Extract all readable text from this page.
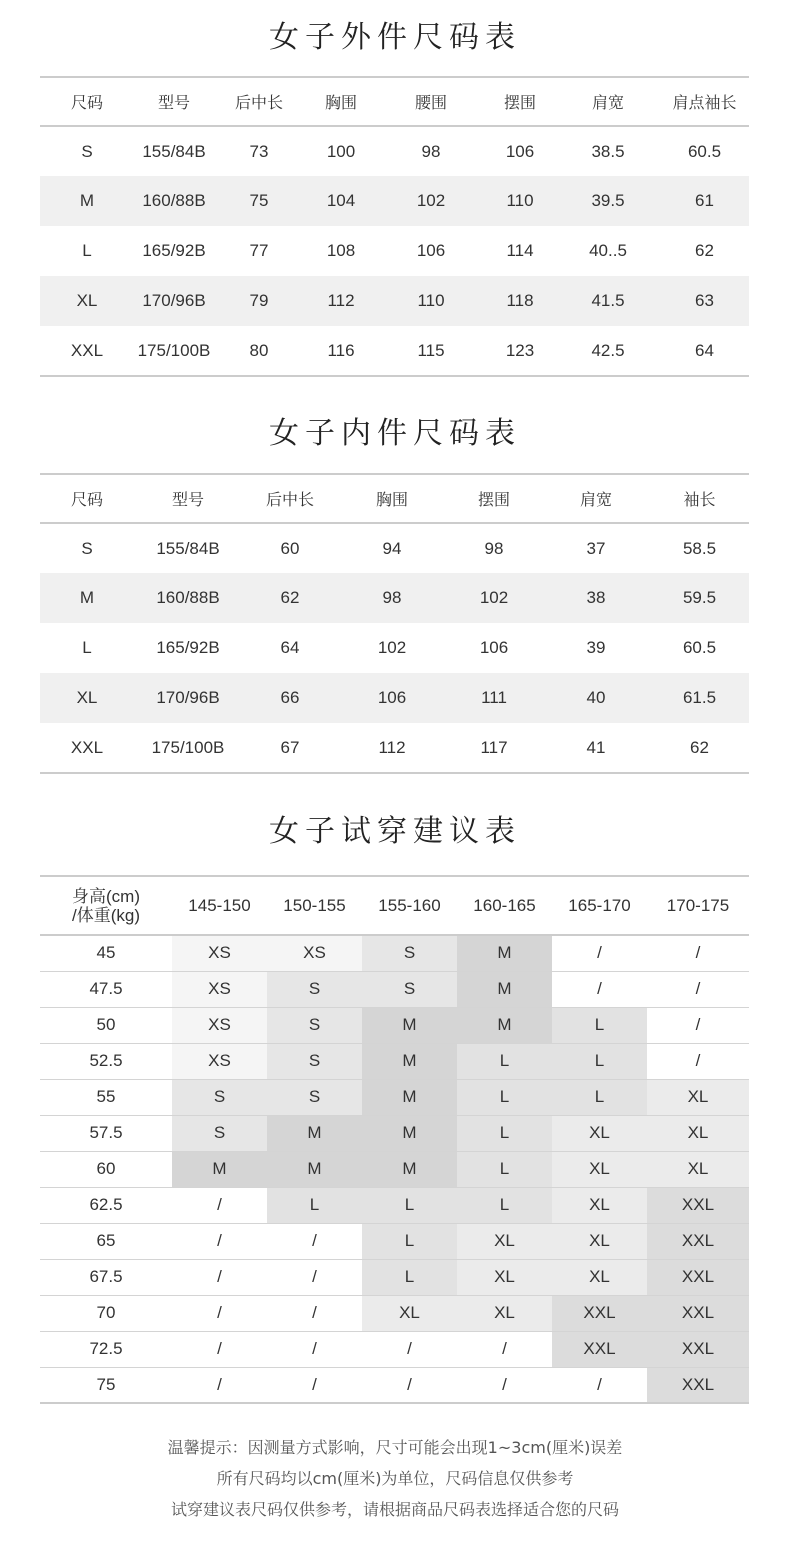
女子外件尺码表
尺码	型号	后中长	胸围	腰围	摆围	肩宽	肩点袖长
S	155/84B	73	100	98	106	38.5	60.5
M	160/88B	75	104	102	110	39.5	61
L	165/92B	77	108	106	114	40..5	62
XL	170/96B	79	112	110	118	41.5	63
XXL	175/100B	80	116	115	123	42.5	64
女子内件尺码表
尺码	型号	后中长	胸围	摆围	肩宽	袖长
S	155/84B	60	94	98	37	58.5
M	160/88B	62	98	102	38	59.5
L	165/92B	64	102	106	39	60.5
XL	170/96B	66	106	111	40	61.5
XXL	175/100B	67	112	117	41	62
女子试穿建议表
身高(cm)
/体重(kg)	145-150	150-155	155-160	160-165	165-170	170-175
45	XS	XS	S	M	/	/
47.5	XS	S	S	M	/	/
50	XS	S	M	M	L	/
52.5	XS	S	M	L	L	/
55	S	S	M	L	L	XL
57.5	S	M	M	L	XL	XL
60	M	M	M	L	XL	XL
62.5	/	L	L	L	XL	XXL
65	/	/	L	XL	XL	XXL
67.5	/	/	L	XL	XL	XXL
70	/	/	XL	XL	XXL	XXL
72.5	/	/	/	/	XXL	XXL
75	/	/	/	/	/	XXL
温馨提示：因测量方式影响，尺寸可能会出现1~3cm(厘米)误差
所有尺码均以cm(厘米)为单位，尺码信息仅供参考
试穿建议表尺码仅供参考，请根据商品尺码表选择适合您的尺码
